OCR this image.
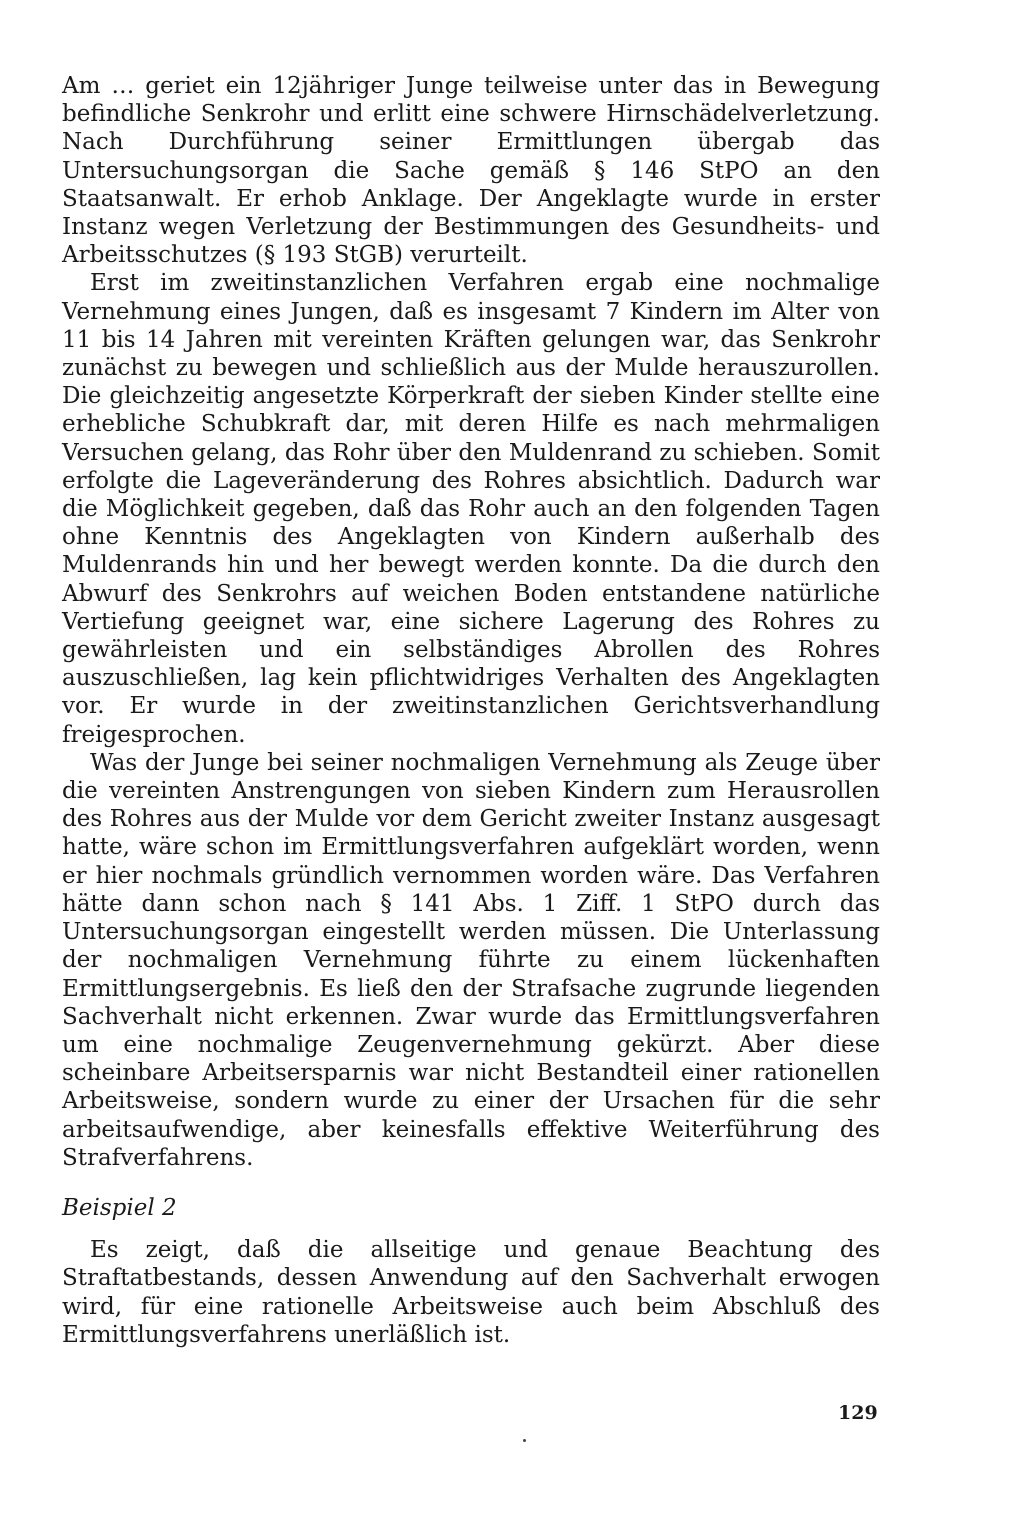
Am … geriet ein 12jähriger Junge teilweise unter das in Bewegung befindliche Senkrohr und erlitt eine schwere Hirnschädelverletzung. Nach Durchführung seiner Ermittlungen übergab das Untersuchungsorgan die Sache gemäß § 146 StPO an den Staatsanwalt. Er erhob Anklage. Der Angeklagte wurde in erster Instanz wegen Verletzung der Bestimmungen des Gesundheits- und Arbeitsschutzes (§ 193 StGB) verurteilt.

Erst im zweitinstanzlichen Verfahren ergab eine nochmalige Vernehmung eines Jungen, daß es insgesamt 7 Kindern im Alter von 11 bis 14 Jahren mit vereinten Kräften gelungen war, das Senkrohr zunächst zu bewegen und schließlich aus der Mulde herauszurollen. Die gleichzeitig angesetzte Körperkraft der sieben Kinder stellte eine erhebliche Schubkraft dar, mit deren Hilfe es nach mehrmaligen Versuchen gelang, das Rohr über den Muldenrand zu schieben. Somit erfolgte die Lageveränderung des Rohres absichtlich. Dadurch war die Möglichkeit gegeben, daß das Rohr auch an den folgenden Tagen ohne Kenntnis des Angeklagten von Kindern außerhalb des Muldenrands hin und her bewegt werden konnte. Da die durch den Abwurf des Senkrohrs auf weichen Boden entstandene natürliche Vertiefung geeignet war, eine sichere Lagerung des Rohres zu gewährleisten und ein selbständiges Abrollen des Rohres auszuschließen, lag kein pflichtwidriges Verhalten des Angeklagten vor. Er wurde in der zweitinstanzlichen Gerichtsverhandlung freigesprochen.

Was der Junge bei seiner nochmaligen Vernehmung als Zeuge über die vereinten Anstrengungen von sieben Kindern zum Herausrollen des Rohres aus der Mulde vor dem Gericht zweiter Instanz ausgesagt hatte, wäre schon im Ermittlungsverfahren aufgeklärt worden, wenn er hier nochmals gründlich vernommen worden wäre. Das Verfahren hätte dann schon nach § 141 Abs. 1 Ziff. 1 StPO durch das Untersuchungsorgan eingestellt werden müssen. Die Unterlassung der nochmaligen Vernehmung führte zu einem lückenhaften Ermittlungsergebnis. Es ließ den der Strafsache zugrunde liegenden Sachverhalt nicht erkennen. Zwar wurde das Ermittlungsverfahren um eine nochmalige Zeugenvernehmung gekürzt. Aber diese scheinbare Arbeitsersparnis war nicht Bestandteil einer rationellen Arbeitsweise, sondern wurde zu einer der Ursachen für die sehr arbeitsaufwendige, aber keinesfalls effektive Weiterführung des Strafverfahrens.

Beispiel 2

Es zeigt, daß die allseitige und genaue Beachtung des Straftatbestands, dessen Anwendung auf den Sachverhalt erwogen wird, für eine rationelle Arbeitsweise auch beim Abschluß des Ermittlungsverfahrens unerläßlich ist.

129
